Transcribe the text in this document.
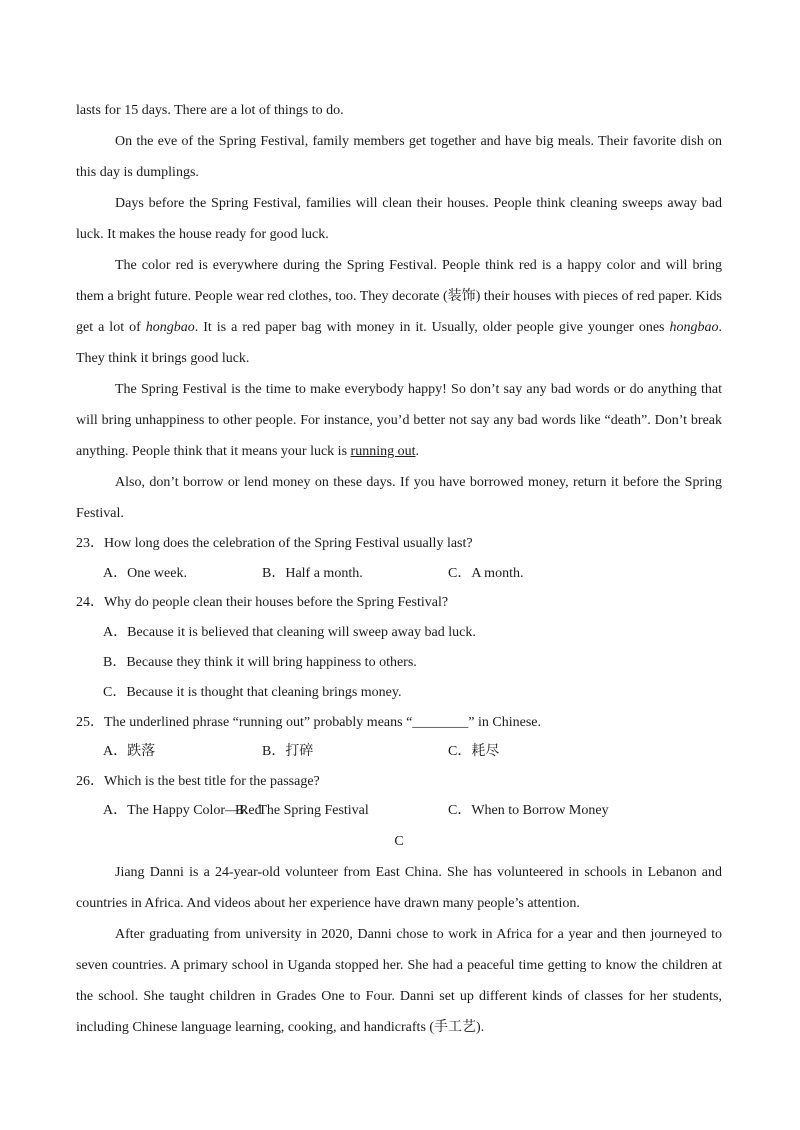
lasts for 15 days. There are a lot of things to do.

On the eve of the Spring Festival, family members get together and have big meals. Their favorite dish on this day is dumplings.

Days before the Spring Festival, families will clean their houses. People think cleaning sweeps away bad luck. It makes the house ready for good luck.

The color red is everywhere during the Spring Festival. People think red is a happy color and will bring them a bright future. People wear red clothes, too. They decorate (装饰) their houses with pieces of red paper. Kids get a lot of hongbao. It is a red paper bag with money in it. Usually, older people give younger ones hongbao. They think it brings good luck.

The Spring Festival is the time to make everybody happy! So don’t say any bad words or do anything that will bring unhappiness to other people. For instance, you’d better not say any bad words like “death”. Don’t break anything. People think that it means your luck is running out.

Also, don’t borrow or lend money on these days. If you have borrowed money, return it before the Spring Festival.

23．How long does the celebration of the Spring Festival usually last?

A．One week.	B．Half a month.	C．A month.

24．Why do people clean their houses before the Spring Festival?

A．Because it is believed that cleaning will sweep away bad luck.

B．Because they think it will bring happiness to others.

C．Because it is thought that cleaning brings money.

25．The underlined phrase “running out” probably means “________” in Chinese.

A．跌落	B．打碎	C．耗尽

26．Which is the best title for the passage?

A．The Happy Color—Red
B．The Spring Festival	C．When to Borrow Money

C

Jiang Danni is a 24-year-old volunteer from East China. She has volunteered in schools in Lebanon and countries in Africa. And videos about her experience have drawn many people’s attention.

After graduating from university in 2020, Danni chose to work in Africa for a year and then journeyed to seven countries. A primary school in Uganda stopped her. She had a peaceful time getting to know the children at the school. She taught children in Grades One to Four. Danni set up different kinds of classes for her students, including Chinese language learning, cooking, and handicrafts (手工艺).
